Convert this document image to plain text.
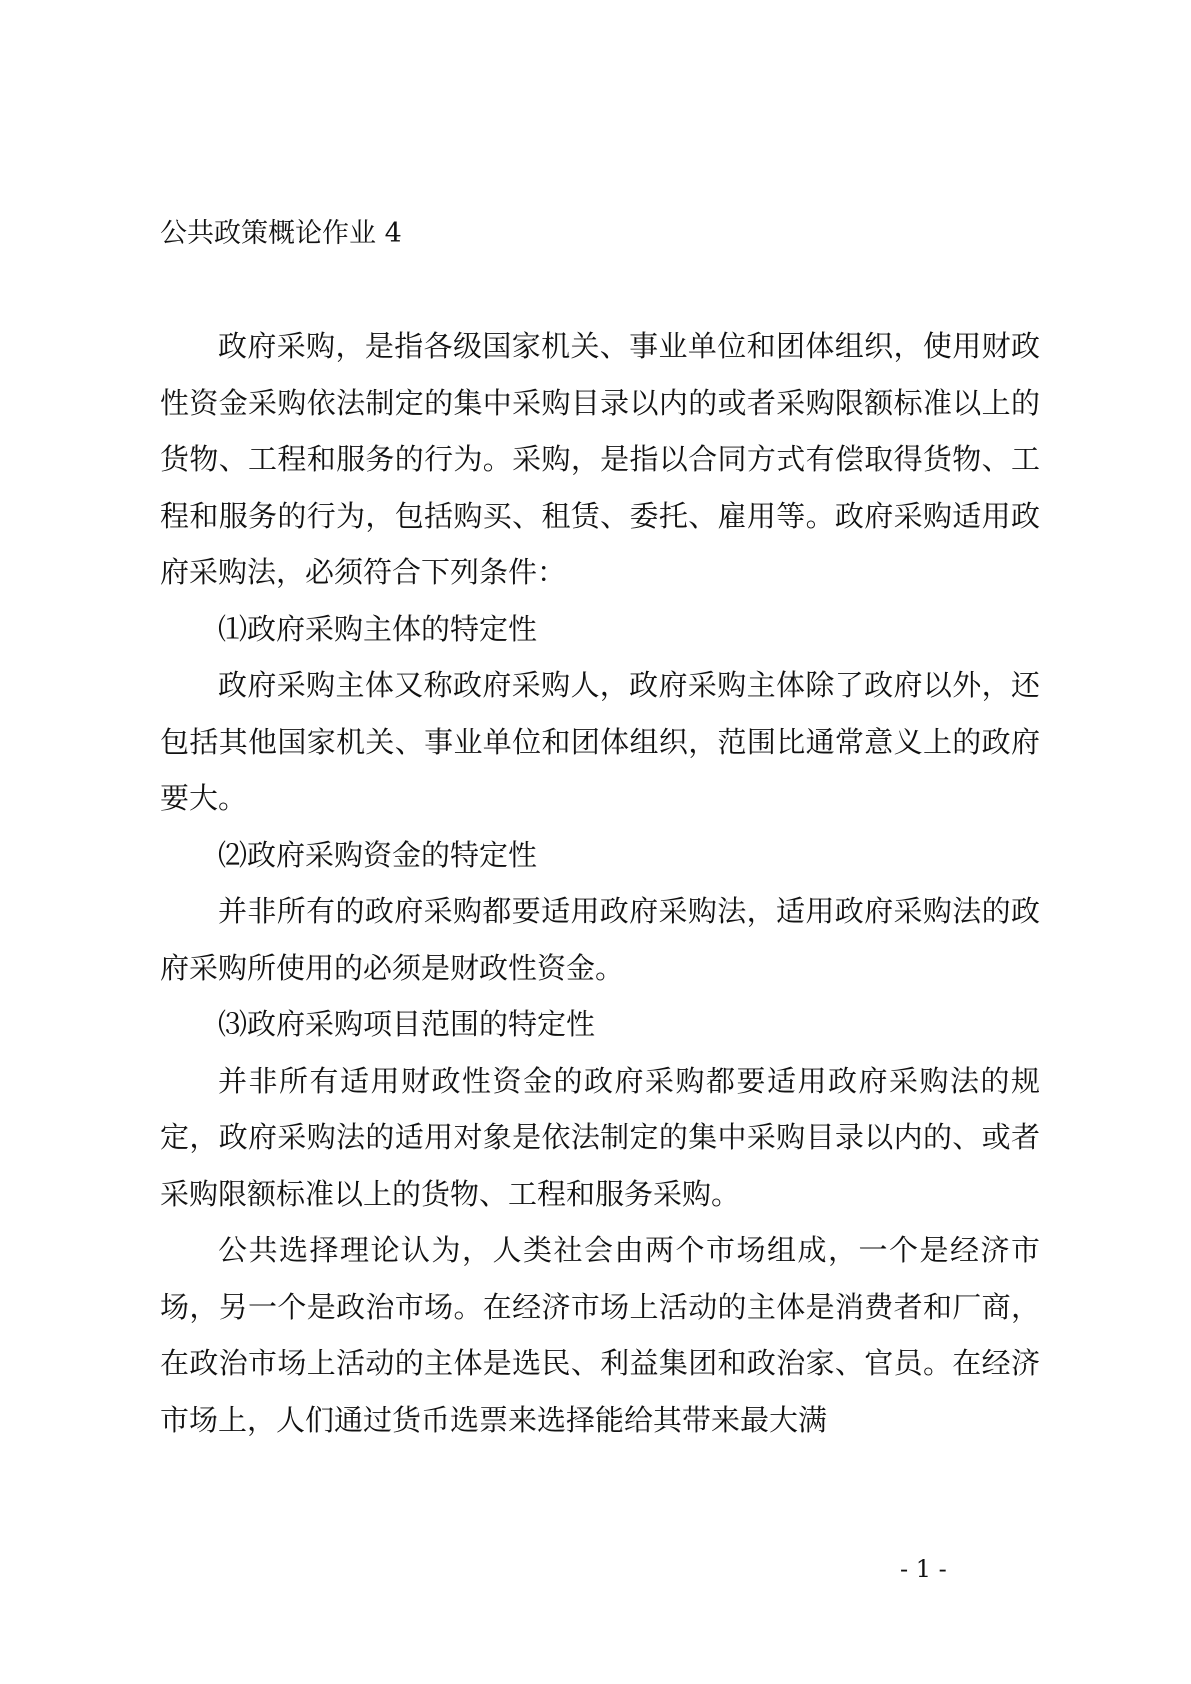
公共政策概论作业 4

政府采购，是指各级国家机关、事业单位和团体组织，使用财政性资金采购依法制定的集中采购目录以内的或者采购限额标准以上的货物、工程和服务的行为。采购，是指以合同方式有偿取得货物、工程和服务的行为，包括购买、租赁、委托、雇用等。政府采购适用政府采购法，必须符合下列条件：

⑴政府采购主体的特定性

政府采购主体又称政府采购人，政府采购主体除了政府以外，还包括其他国家机关、事业单位和团体组织，范围比通常意义上的政府要大。

⑵政府采购资金的特定性

并非所有的政府采购都要适用政府采购法，适用政府采购法的政府采购所使用的必须是财政性资金。

⑶政府采购项目范围的特定性

并非所有适用财政性资金的政府采购都要适用政府采购法的规定，政府采购法的适用对象是依法制定的集中采购目录以内的、或者采购限额标准以上的货物、工程和服务采购。

公共选择理论认为，人类社会由两个市场组成，一个是经济市场，另一个是政治市场。在经济市场上活动的主体是消费者和厂商，在政治市场上活动的主体是选民、利益集团和政治家、官员。在经济市场上，人们通过货币选票来选择能给其带来最大满

- 1 -
